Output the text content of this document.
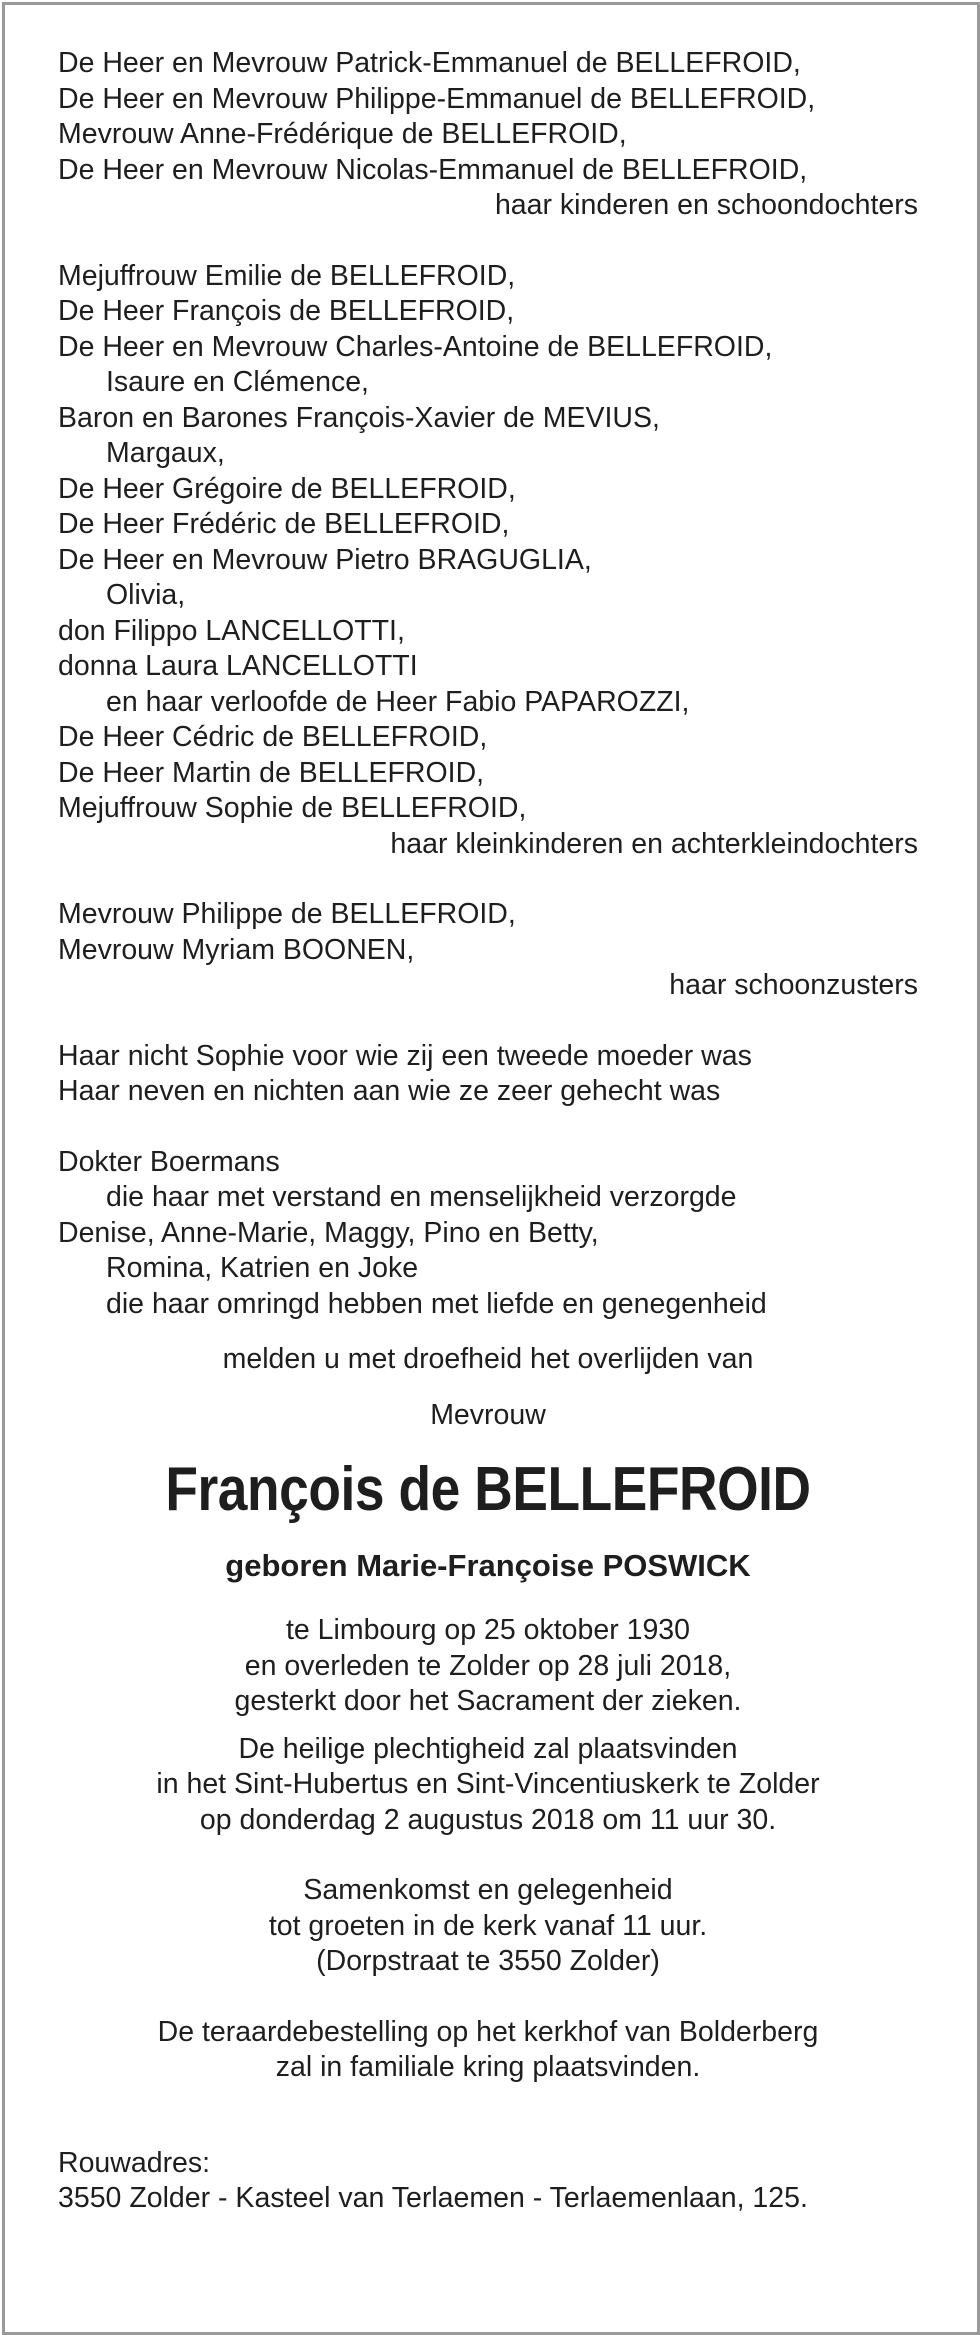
De Heer en Mevrouw Patrick-Emmanuel de BELLEFROID,
De Heer en Mevrouw Philippe-Emmanuel de BELLEFROID,
Mevrouw Anne-Frédérique de BELLEFROID,
De Heer en Mevrouw Nicolas-Emmanuel de BELLEFROID,
haar kinderen en schoondochters
Mejuffrouw Emilie de BELLEFROID,
De Heer François de BELLEFROID,
De Heer en Mevrouw Charles-Antoine de BELLEFROID,
Isaure en Clémence,
Baron en Barones François-Xavier de MEVIUS,
Margaux,
De Heer Grégoire de BELLEFROID,
De Heer Frédéric de BELLEFROID,
De Heer en Mevrouw Pietro BRAGUGLIA,
Olivia,
don Filippo LANCELLOTTI,
donna Laura LANCELLOTTI
en haar verloofde de Heer Fabio PAPAROZZI,
De Heer Cédric de BELLEFROID,
De Heer Martin de BELLEFROID,
Mejuffrouw Sophie de BELLEFROID,
haar kleinkinderen en achterkleindochters
Mevrouw Philippe de BELLEFROID,
Mevrouw Myriam BOONEN,
haar schoonzusters
Haar nicht Sophie voor wie zij een tweede moeder was
Haar neven en nichten aan wie ze zeer gehecht was
Dokter Boermans
die haar met verstand en menselijkheid verzorgde
Denise, Anne-Marie, Maggy, Pino en Betty,
Romina, Katrien en Joke
die haar omringd hebben met liefde en genegenheid
melden u met droefheid het overlijden van
Mevrouw
François de BELLEFROID
geboren Marie-Françoise POSWICK
te Limbourg op 25 oktober 1930
en overleden te Zolder op 28 juli 2018,
gesterkt door het Sacrament der zieken.
De heilige plechtigheid zal plaatsvinden
in het Sint-Hubertus en Sint-Vincentiuskerk te Zolder
op donderdag 2 augustus 2018 om 11 uur 30.
Samenkomst en gelegenheid
tot groeten in de kerk vanaf 11 uur.
(Dorpstraat te 3550 Zolder)
De teraardebestelling op het kerkhof van Bolderberg
zal in familiale kring plaatsvinden.
Rouwadres:
3550 Zolder - Kasteel van Terlaemen - Terlaemenlaan, 125.
